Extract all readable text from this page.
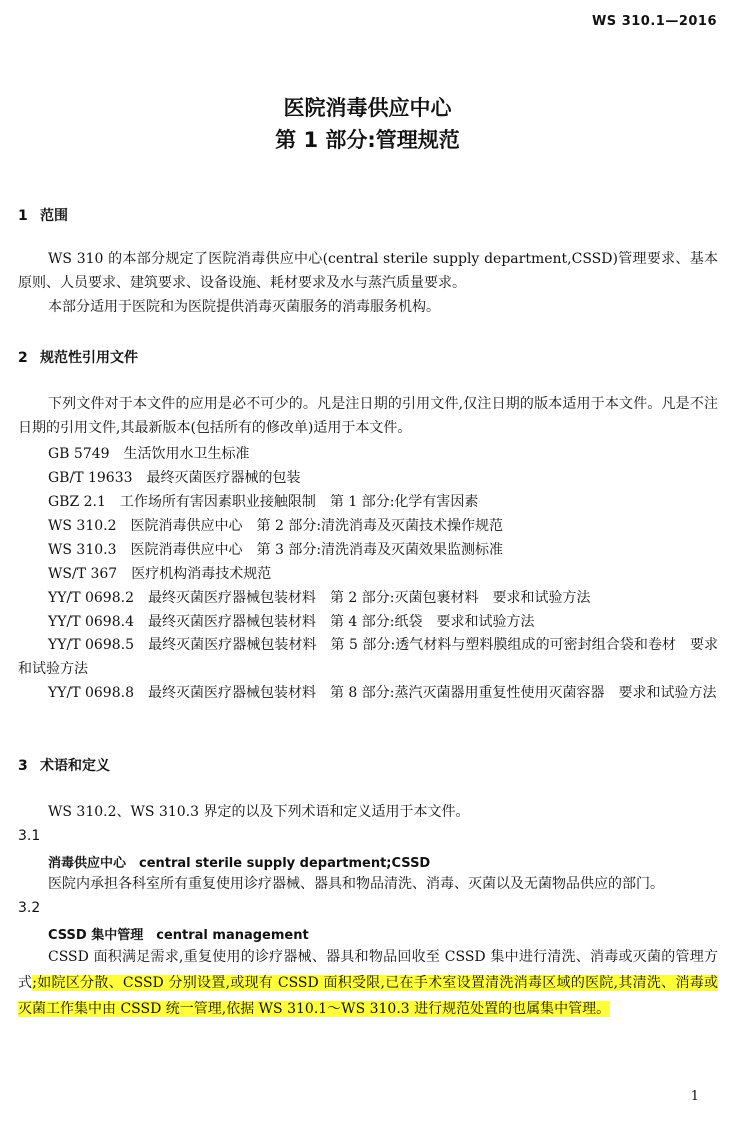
WS 310.1—2016
医院消毒供应中心
第 1 部分:管理规范
1 范围
WS 310 的本部分规定了医院消毒供应中心(central sterile supply department,CSSD)管理要求、基本原则、人员要求、建筑要求、设备设施、耗材要求及水与蒸汽质量要求。
本部分适用于医院和为医院提供消毒灭菌服务的消毒服务机构。
2 规范性引用文件
下列文件对于本文件的应用是必不可少的。凡是注日期的引用文件,仅注日期的版本适用于本文件。凡是不注日期的引用文件,其最新版本(包括所有的修改单)适用于本文件。
GB 5749　生活饮用水卫生标准
GB/T 19633　最终灭菌医疗器械的包装
GBZ 2.1　工作场所有害因素职业接触限制　第 1 部分:化学有害因素
WS 310.2　医院消毒供应中心　第 2 部分:清洗消毒及灭菌技术操作规范
WS 310.3　医院消毒供应中心　第 3 部分:清洗消毒及灭菌效果监测标准
WS/T 367　医疗机构消毒技术规范
YY/T 0698.2　最终灭菌医疗器械包装材料　第 2 部分:灭菌包裹材料　要求和试验方法
YY/T 0698.4　最终灭菌医疗器械包装材料　第 4 部分:纸袋　要求和试验方法
YY/T 0698.5　最终灭菌医疗器械包装材料　第 5 部分:透气材料与塑料膜组成的可密封组合袋和卷材　要求和试验方法
YY/T 0698.8　最终灭菌医疗器械包装材料　第 8 部分:蒸汽灭菌器用重复性使用灭菌容器　要求和试验方法
3 术语和定义
WS 310.2、WS 310.3 界定的以及下列术语和定义适用于本文件。
3.1
消毒供应中心　central sterile supply department;CSSD
医院内承担各科室所有重复使用诊疗器械、器具和物品清洗、消毒、灭菌以及无菌物品供应的部门。
3.2
CSSD 集中管理　central management
CSSD 面积满足需求,重复使用的诊疗器械、器具和物品回收至 CSSD 集中进行清洗、消毒或灭菌的管理方式;如院区分散、CSSD 分别设置,或现有 CSSD 面积受限,已在手术室设置清洗消毒区域的医院,其清洗、消毒或灭菌工作集中由 CSSD 统一管理,依据 WS 310.1～WS 310.3 进行规范处置的也属集中管理。
1
